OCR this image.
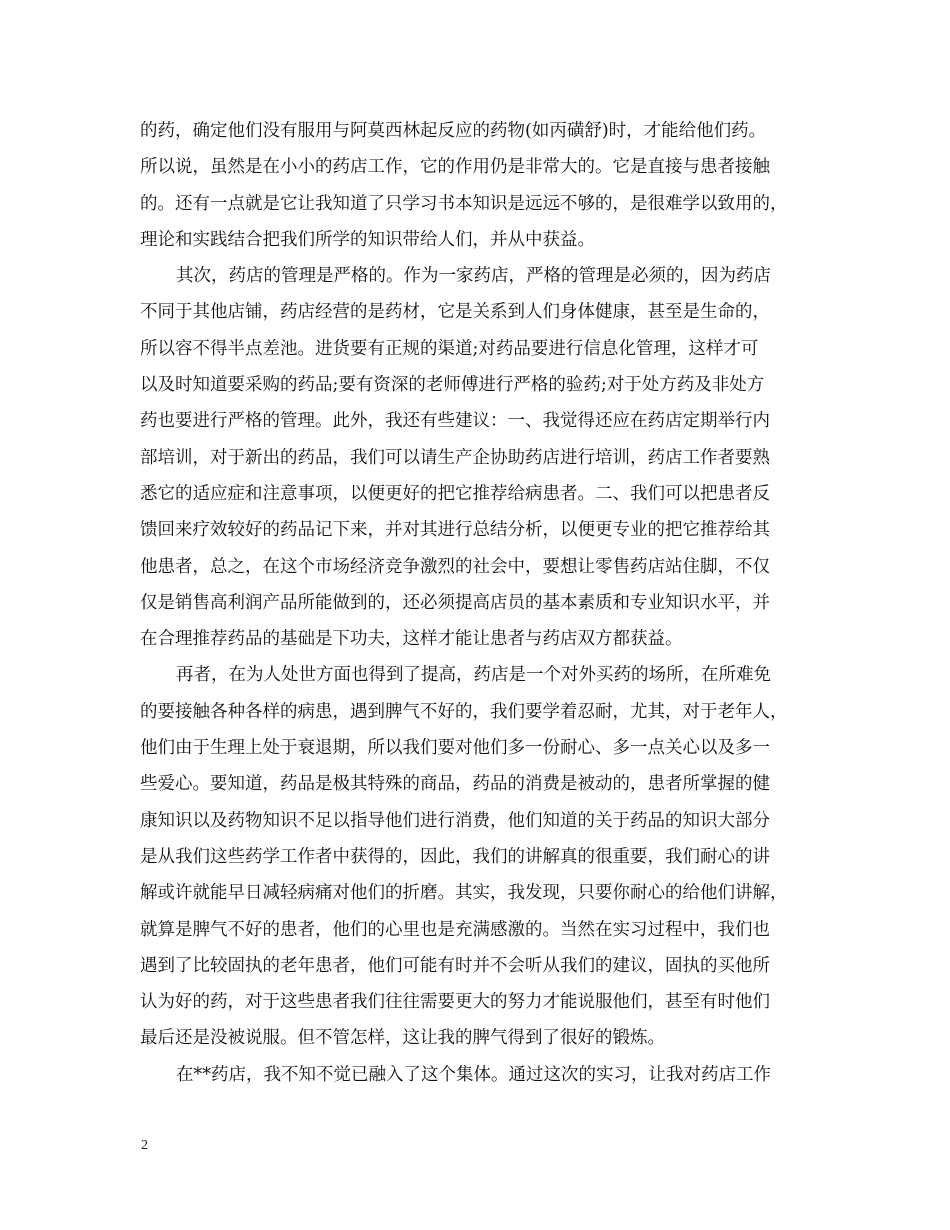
的药，确定他们没有服用与阿莫西林起反应的药物(如丙磺舒)时，才能给他们药。
所以说，虽然是在小小的药店工作，它的作用仍是非常大的。它是直接与患者接触
的。还有一点就是它让我知道了只学习书本知识是远远不够的，是很难学以致用的，
理论和实践结合把我们所学的知识带给人们，并从中获益。
其次，药店的管理是严格的。作为一家药店，严格的管理是必须的，因为药店
不同于其他店铺，药店经营的是药材，它是关系到人们身体健康，甚至是生命的，
所以容不得半点差池。进货要有正规的渠道;对药品要进行信息化管理，这样才可
以及时知道要采购的药品;要有资深的老师傅进行严格的验药;对于处方药及非处方
药也要进行严格的管理。此外，我还有些建议：一、我觉得还应在药店定期举行内
部培训，对于新出的药品，我们可以请生产企协助药店进行培训，药店工作者要熟
悉它的适应症和注意事项，以便更好的把它推荐给病患者。二、我们可以把患者反
馈回来疗效较好的药品记下来，并对其进行总结分析，以便更专业的把它推荐给其
他患者，总之，在这个市场经济竞争激烈的社会中，要想让零售药店站住脚，不仅
仅是销售高利润产品所能做到的，还必须提高店员的基本素质和专业知识水平，并
在合理推荐药品的基础是下功夫，这样才能让患者与药店双方都获益。
再者，在为人处世方面也得到了提高，药店是一个对外买药的场所，在所难免
的要接触各种各样的病患，遇到脾气不好的，我们要学着忍耐，尤其，对于老年人，
他们由于生理上处于衰退期，所以我们要对他们多一份耐心、多一点关心以及多一
些爱心。要知道，药品是极其特殊的商品，药品的消费是被动的，患者所掌握的健
康知识以及药物知识不足以指导他们进行消费，他们知道的关于药品的知识大部分
是从我们这些药学工作者中获得的，因此，我们的讲解真的很重要，我们耐心的讲
解或许就能早日减轻病痛对他们的折磨。其实，我发现，只要你耐心的给他们讲解，
就算是脾气不好的患者，他们的心里也是充满感激的。当然在实习过程中，我们也
遇到了比较固执的老年患者，他们可能有时并不会听从我们的建议，固执的买他所
认为好的药，对于这些患者我们往往需要更大的努力才能说服他们，甚至有时他们
最后还是没被说服。但不管怎样，这让我的脾气得到了很好的锻炼。
在**药店，我不知不觉已融入了这个集体。通过这次的实习，让我对药店工作
2
